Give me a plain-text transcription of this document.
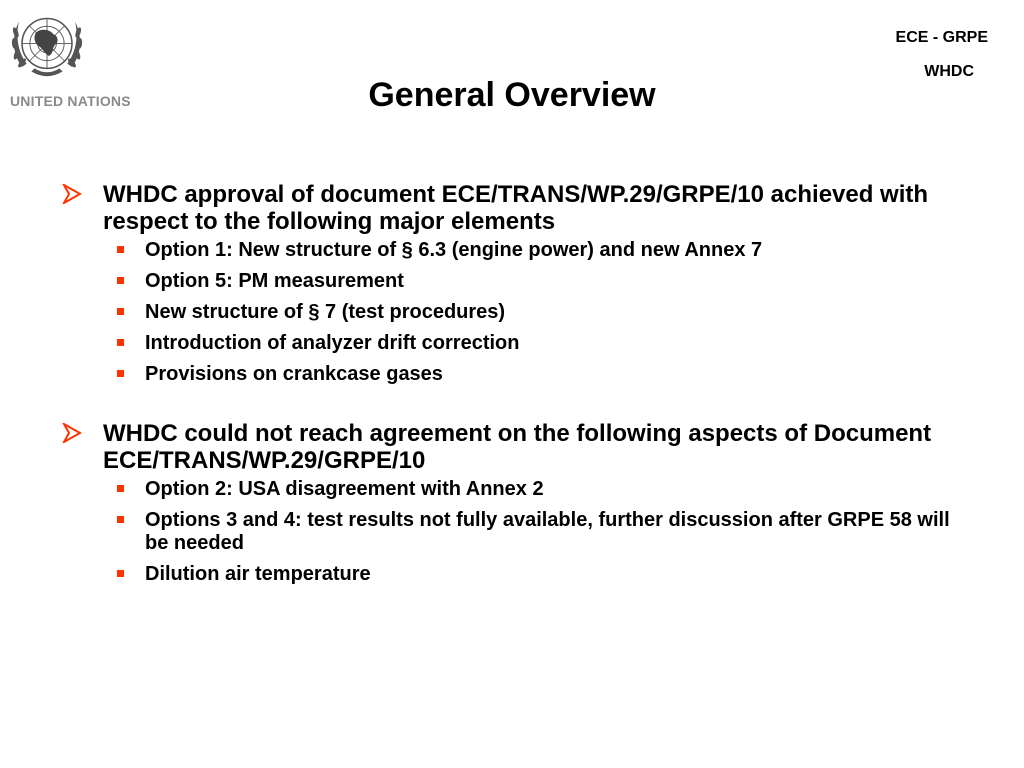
UNITED NATIONS
ECE - GRPE
WHDC
General Overview
WHDC approval of document ECE/TRANS/WP.29/GRPE/10 achieved with respect to the following major elements
Option 1: New structure of § 6.3 (engine power) and new Annex 7
Option 5: PM measurement
New structure of § 7 (test procedures)
Introduction of analyzer drift correction
Provisions on crankcase gases
WHDC could not reach agreement on the following aspects of Document ECE/TRANS/WP.29/GRPE/10
Option 2: USA disagreement with Annex 2
Options 3 and 4: test results not fully available, further discussion after GRPE 58 will be needed
Dilution air temperature
